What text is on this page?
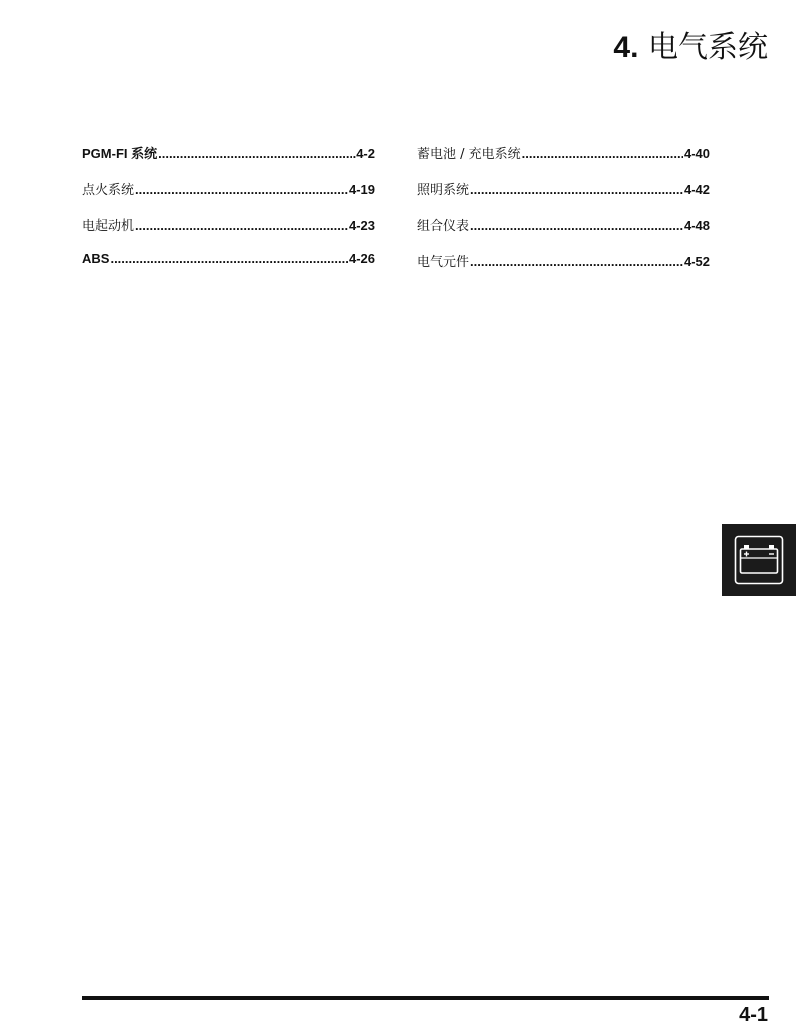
4. 电气系统
PGM-FI 系统 .....	.4-2
点火系统 .....	4-19
电起动机 .....	4-23
ABS .....	4-26
蓄电池 / 充电系统 .....	4-40
照明系统 .....	4-42
组合仪表 .....	4-48
电气元件 .....	4-52
4-1
